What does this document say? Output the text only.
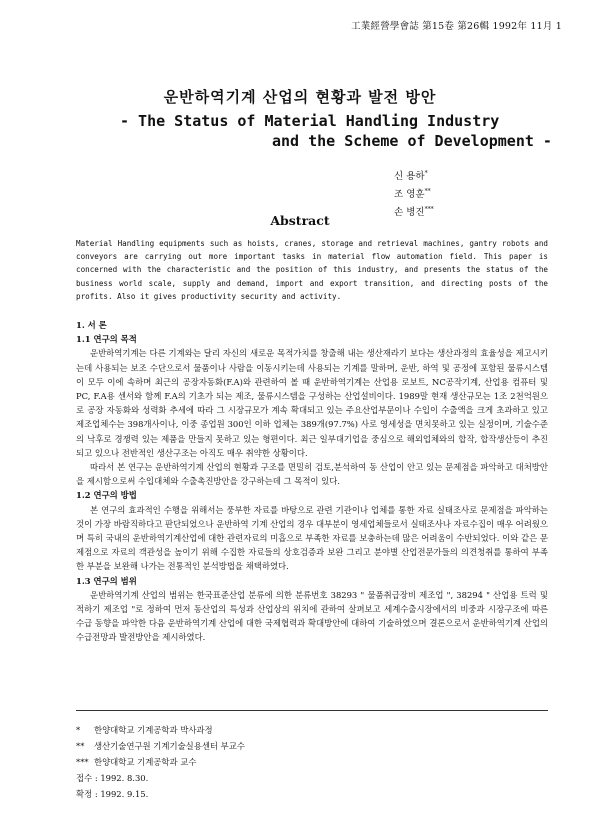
工業經營學會誌 第15卷 第26輯 1992年 11月 1
운반하역기계 산업의 현황과 발전 방안
- The Status of Material Handling Industry
and the Scheme of Development -
신 용하*
조 영훈**
손 병진***
Abstract
Material Handling equipments such as hoists, cranes, storage and retrieval machines, gantry robots and conveyors are carrying out more important tasks in material flow automation field. This paper is concerned with the characteristic and the position of this industry, and presents the status of the business world scale, supply and demand, import and export transition, and directing posts of the profits. Also it gives productivity security and activity.

1. 서 론

1.1 연구의 목적

운반하역기계는 다른 기계와는 달리 자신의 새로운 목적가치를 창출해 내는 생산재라기 보다는 생산과정의 효율성을 제고시키는데 사용되는 보조 수단으로서 물품이나 사람을 이동시키는데 사용되는 기계를 말하며, 운반, 하역 및 공정에 포함된 물류시스템이 모두 이에 속하며 최근의 공장자동화(F.A)와 관련하여 볼 때 운반하역기계는 산업용 로보트, NC공작기계, 산업용 컴퓨터 및 PC, F.A용 센서와 함께 F.A의 기초가 되는 제조, 물류시스템을 구성하는 산업설비이다. 1989말 현재 생산규모는 1조 2천억원으로 공장 자동화와 성력화 추세에 따라 그 시장규모가 계속 확대되고 있는 주요산업부문이나 수입이 수출액을 크게 초과하고 있고 제조업체수는 398개사이나, 이중 종업원 300인 이하 업체는 389개(97.7%) 사로 영세성을 면치못하고 있는 실정이며, 기술수준의 낙후로 경쟁력 있는 제품을 만들지 못하고 있는 형편이다. 최근 일부대기업을 중심으로 해외업체와의 합작, 합작생산등이 추진되고 있으나 전반적인 생산구조는 아직도 매우 취약한 상황이다.

따라서 본 연구는 운반하역기계 산업의 현황과 구조를 면밀히 검토,분석하여 동 산업이 안고 있는 문제점을 파악하고 대처방안을 제시함으로써 수입대체와 수출촉진방안을 강구하는데 그 목적이 있다.

1.2 연구의 방법

본 연구의 효과적인 수행을 위해서는 풍부한 자료를 바탕으로 관련 기관이나 업체를 통한 자료 실태조사로 문제점을 파악하는 것이 가장 바람직하다고 판단되었으나 운반하역 기계 산업의 경우 대부분이 영세업체들로서 실태조사나 자료수집이 매우 어려웠으며 특히 국내의 운반하역기계산업에 대한 관련자료의 미흡으로 부족한 자료를 보충하는데 많은 어려움이 수반되었다. 이와 같은 문제점으로 자료의 객관성을 높이기 위해 수집한 자료들의 상호검증과 보완 그리고 분야별 산업전문가들의 의견청취를 통하여 부족한 부분을 보완해 나가는 전통적인 분석방법을 채택하였다.

1.3 연구의 범위

운반하역기계 산업의 범위는 한국표준산업 분류에 의한 분류번호 38293 " 물품취급장비 제조업 ", 38294 " 산업용 트럭 및 적하기 제조업 "로 정하여 먼저 동산업의 특성과 산업상의 위치에 관하여 살펴보고 세계수출시장에서의 비중과 시장구조에 따른 수급 동향을 파악한 다음 운반하역기계 산업에 대한 국제협력과 확대방안에 대하여 기술하였으며 결론으로서 운반하역기계 산업의 수급전망과 발전방안을 제시하였다.

* 한양대학교 기계공학과 박사과정
** 생산기술연구원 기계기술실용센터 부교수
*** 한양대학교 기계공학과 교수
접수 : 1992. 8.30.
확정 : 1992. 9.15.
